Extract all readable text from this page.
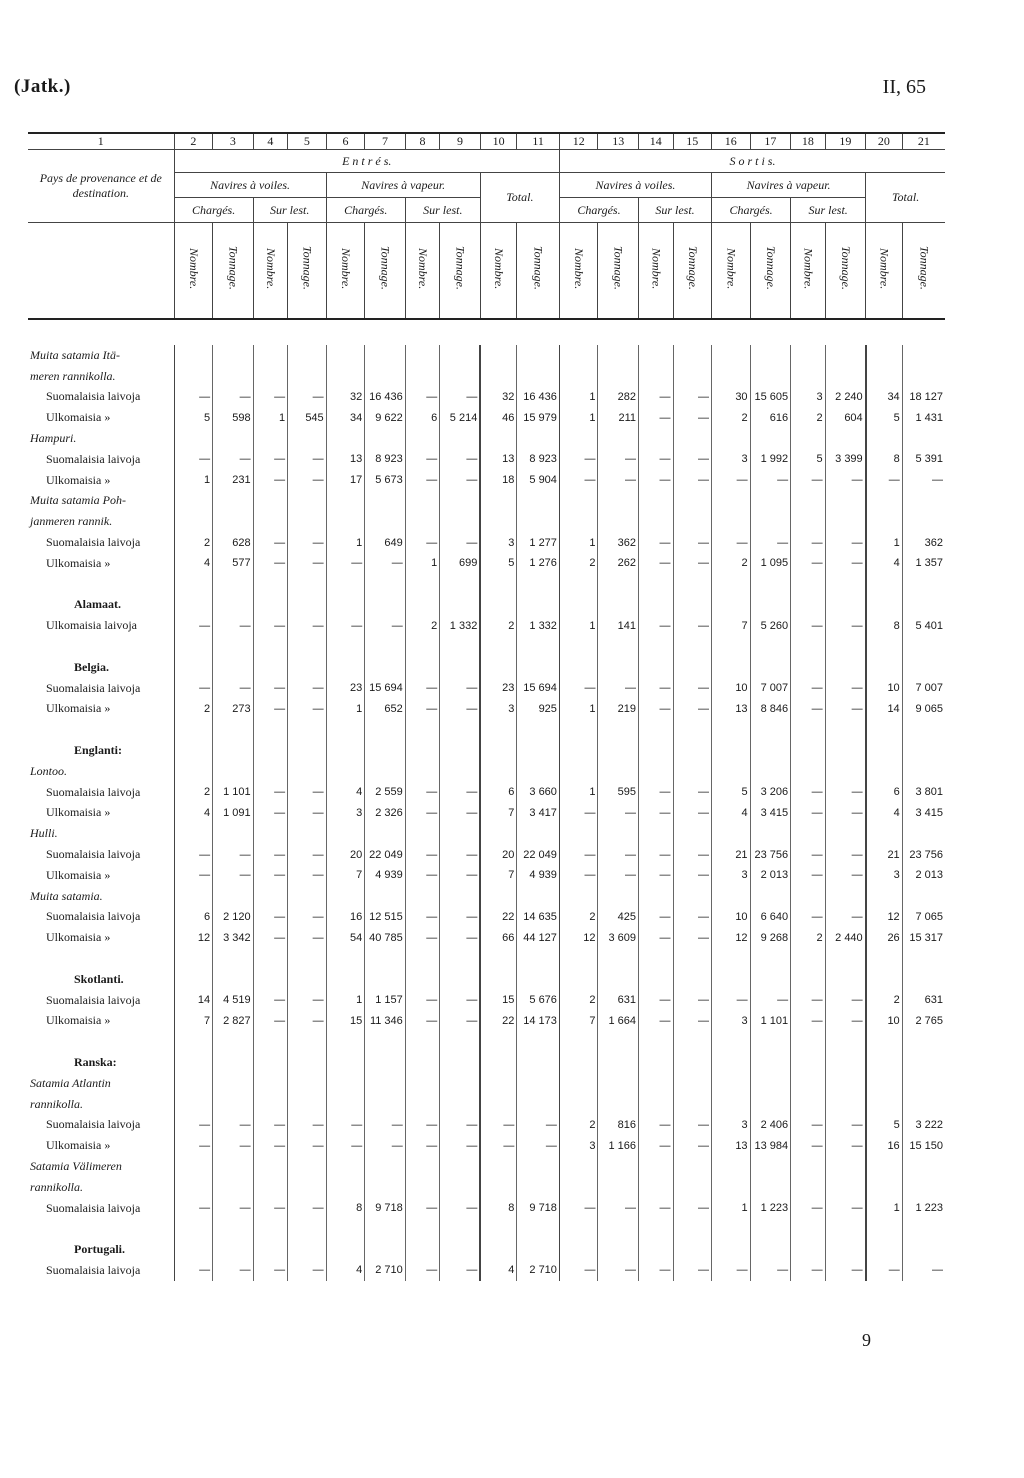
(Jatk.)	II, 65
1	2	3	4	5	6	7	8	9	10	11	12	13	14	15	16	17	18	19	20	21
Pays de provenance et de destination.	E n t r é s.										S o r t i s.									
	Navires à voiles.				Navires à vapeur.				Total.		Navires à voiles.				Navires à vapeur.				Total.	
	Chargés.		Sur lest.		Chargés.		Sur lest.				Chargés.		Sur lest.		Chargés.		Sur lest.			
	Nombre.	Tonnage.	Nombre.	Tonnage.	Nombre.	Tonnage.	Nombre.	Tonnage.	Nombre.	Tonnage.	Nombre.	Tonnage.	Nombre.	Tonnage.	Nombre.	Tonnage.	Nombre.	Tonnage.	Nombre.	Tonnage.
Muita satamia Itä-																				
meren rannikolla.																				
Suomalaisia laivoja	—	—	—	—	32	16 436	—	—	32	16 436	1	282	—	—	30	15 605	3	2 240	34	18 127
Ulkomaisia »	5	598	1	545	34	9 622	6	5 214	46	15 979	1	211	—	—	2	616	2	604	5	1 431
Hampuri.																				
Suomalaisia laivoja	—	—	—	—	13	8 923	—	—	13	8 923	—	—	—	—	3	1 992	5	3 399	8	5 391
Ulkomaisia »	1	231	—	—	17	5 673	—	—	18	5 904	—	—	—	—	—	—	—	—	—	—
Muita satamia Poh-																				
janmeren rannik.																				
Suomalaisia laivoja	2	628	—	—	1	649	—	—	3	1 277	1	362	—	—	—	—	—	—	1	362
Ulkomaisia »	4	577	—	—	—	—	1	699	5	1 276	2	262	—	—	2	1 095	—	—	4	1 357

Alamaat.																				
Ulkomaisia laivoja	—	—	—	—	—	—	2	1 332	2	1 332	1	141	—	—	7	5 260	—	—	8	5 401

Belgia.																				
Suomalaisia laivoja	—	—	—	—	23	15 694	—	—	23	15 694	—	—	—	—	10	7 007	—	—	10	7 007
Ulkomaisia »	2	273	—	—	1	652	—	—	3	925	1	219	—	—	13	8 846	—	—	14	9 065

Englanti:																				
Lontoo.																				
Suomalaisia laivoja	2	1 101	—	—	4	2 559	—	—	6	3 660	1	595	—	—	5	3 206	—	—	6	3 801
Ulkomaisia »	4	1 091	—	—	3	2 326	—	—	7	3 417	—	—	—	—	4	3 415	—	—	4	3 415
Hulli.																				
Suomalaisia laivoja	—	—	—	—	20	22 049	—	—	20	22 049	—	—	—	—	21	23 756	—	—	21	23 756
Ulkomaisia »	—	—	—	—	7	4 939	—	—	7	4 939	—	—	—	—	3	2 013	—	—	3	2 013
Muita satamia.																				
Suomalaisia laivoja	6	2 120	—	—	16	12 515	—	—	22	14 635	2	425	—	—	10	6 640	—	—	12	7 065
Ulkomaisia »	12	3 342	—	—	54	40 785	—	—	66	44 127	12	3 609	—	—	12	9 268	2	2 440	26	15 317

Skotlanti.																				
Suomalaisia laivoja	14	4 519	—	—	1	1 157	—	—	15	5 676	2	631	—	—	—	—	—	—	2	631
Ulkomaisia »	7	2 827	—	—	15	11 346	—	—	22	14 173	7	1 664	—	—	3	1 101	—	—	10	2 765

Ranska:																				
Satamia Atlantin																				
rannikolla.																				
Suomalaisia laivoja	—	—	—	—	—	—	—	—	—	—	2	816	—	—	3	2 406	—	—	5	3 222
Ulkomaisia »	—	—	—	—	—	—	—	—	—	—	3	1 166	—	—	13	13 984	—	—	16	15 150
Satamia Välimeren																				
rannikolla.																				
Suomalaisia laivoja	—	—	—	—	8	9 718	—	—	8	9 718	—	—	—	—	1	1 223	—	—	1	1 223

Portugali.																				
Suomalaisia laivoja	—	—	—	—	4	2 710	—	—	4	2 710	—	—	—	—	—	—	—	—	—	—
9
